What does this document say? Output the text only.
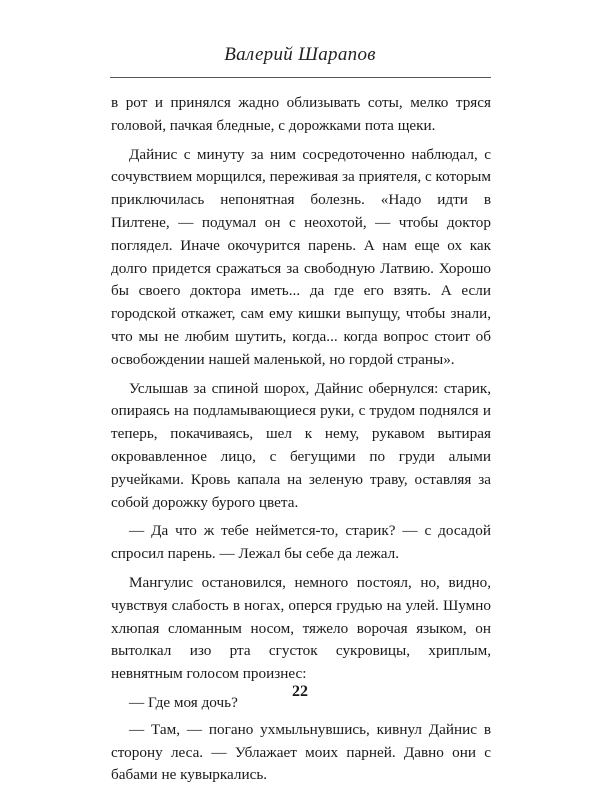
Валерий Шарапов

в рот и принялся жадно облизывать соты, мелко тряся головой, пачкая бледные, с дорожками пота щеки.

Дайнис с минуту за ним сосредоточенно наблюдал, с сочувствием морщился, переживая за приятеля, с которым приключилась непонятная болезнь. «Надо идти в Пилтене, — подумал он с неохотой, — чтобы доктор поглядел. Иначе окочурится парень. А нам еще ох как долго придется сражаться за свободную Латвию. Хорошо бы своего доктора иметь... да где его взять. А если городской откажет, сам ему кишки выпущу, чтобы знали, что мы не любим шутить, когда... когда вопрос стоит об освобождении нашей маленькой, но гордой страны».

Услышав за спиной шорох, Дайнис обернулся: старик, опираясь на подламывающиеся руки, с трудом поднялся и теперь, покачиваясь, шел к нему, рукавом вытирая окровавленное лицо, с бегущими по груди алыми ручейками. Кровь капала на зеленую траву, оставляя за собой дорожку бурого цвета.

— Да что ж тебе неймется-то, старик? — с досадой спросил парень. — Лежал бы себе да лежал.

Мангулис остановился, немного постоял, но, видно, чувствуя слабость в ногах, оперся грудью на улей. Шумно хлюпая сломанным носом, тяжело ворочая языком, он вытолкал изо рта сгусток сукровицы, хриплым, невнятным голосом произнес:

— Где моя дочь?

— Там, — погано ухмыльнувшись, кивнул Дайнис в сторону леса. — Ублажает моих парней. Давно они с бабами не кувыркались.

22
